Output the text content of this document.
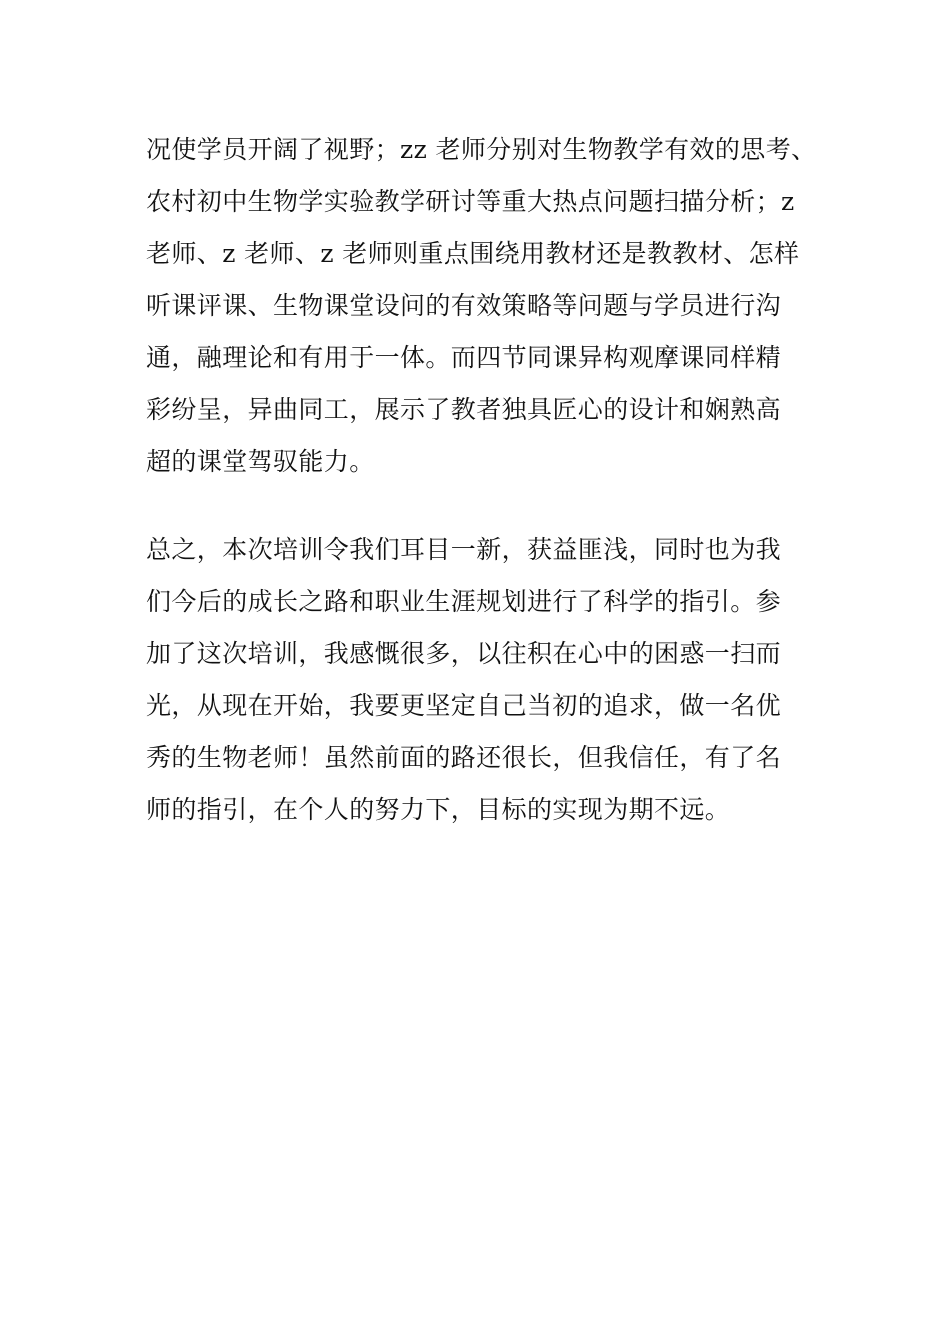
况使学员开阔了视野；zz 老师分别对生物教学有效的思考、
农村初中生物学实验教学研讨等重大热点问题扫描分析；z
老师、z 老师、z 老师则重点围绕用教材还是教教材、怎样
听课评课、生物课堂设问的有效策略等问题与学员进行沟
通，融理论和有用于一体。而四节同课异构观摩课同样精
彩纷呈，异曲同工，展示了教者独具匠心的设计和娴熟高
超的课堂驾驭能力。

总之，本次培训令我们耳目一新，获益匪浅，同时也为我
们今后的成长之路和职业生涯规划进行了科学的指引。参
加了这次培训，我感慨很多，以往积在心中的困惑一扫而
光，从现在开始，我要更坚定自己当初的追求，做一名优
秀的生物老师！虽然前面的路还很长，但我信任，有了名
师的指引，在个人的努力下，目标的实现为期不远。
